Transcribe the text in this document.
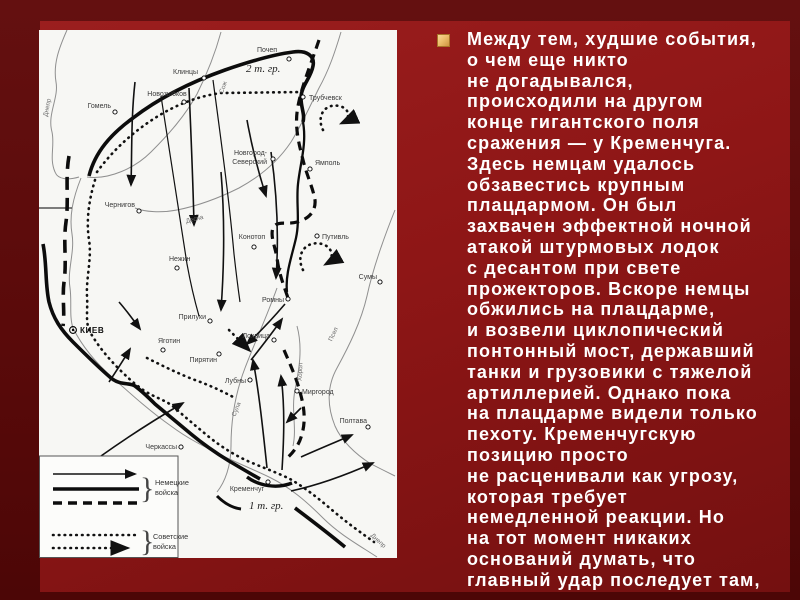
Между тем, худшие события,
о чем еще никто
не догадывался,
происходили на другом
конце гигантского поля
сражения — у Кременчуга.
Здесь немцам удалось
обзавестись крупным
плацдармом. Он был
захвачен эффектной ночной
атакой штурмовых лодок
с десантом при свете
прожекторов. Вскоре немцы
обжились на плацдарме,
и возвели циклопический
понтонный мост, державший
танки и грузовики с тяжелой
артиллерией. Однако пока
на плацдарме видели только
пехоту. Кременчугскую
позицию просто
не расценивали как угрозу,
которая требует
немедленной реакции. Но
на тот момент никаких
оснований думать, что
главный удар последует там,
Почеп
Клинцы
Новозыбков
Гомель
Трубчевск
Новгород-
Северский	Ямполь
Чернигов
Нежин
Конотоп	Путивль
Сумы
Ромны
Прилуки
КИЕВ
Яготин
Пирятин
Лохвица
Лубны
Миргород
Полтава
Черкассы
Кременчуг
Днепр
Сож
Десна
Псел
Хорол
Сула
Днепр
2 т. гр.
1 т. гр.
} Немецкие
войска
}
Советские
войска
